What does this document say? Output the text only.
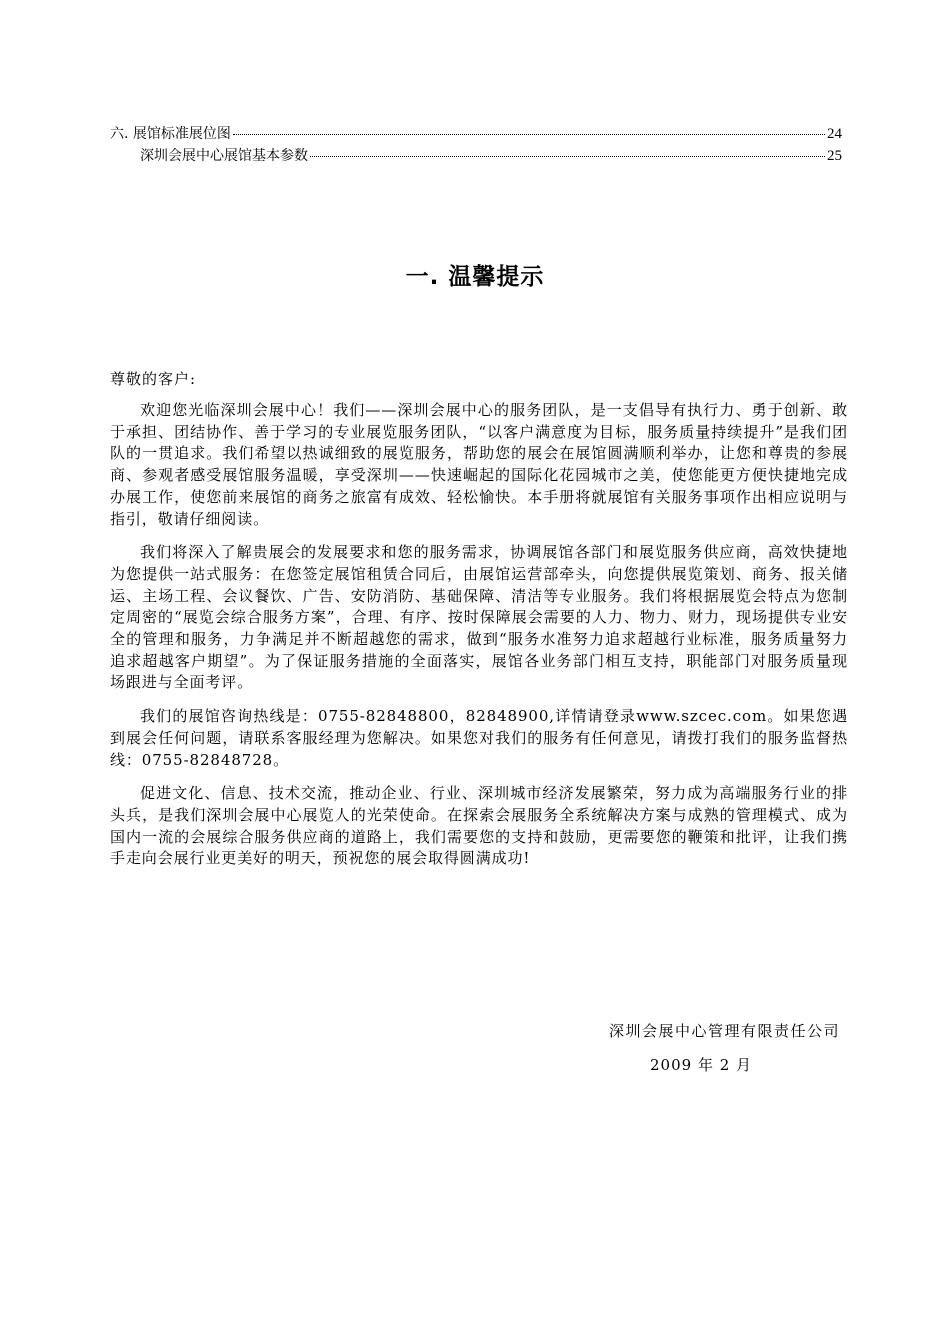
六. 展馆标准展位图	24
深圳会展中心展馆基本参数	25
一. 温馨提示
尊敬的客户:

欢迎您光临深圳会展中心！我们——深圳会展中心的服务团队，是一支倡导有执行力、勇于创新、敢于承担、团结协作、善于学习的专业展览服务团队，“以客户满意度为目标，服务质量持续提升”是我们团队的一贯追求。我们希望以热诚细致的展览服务，帮助您的展会在展馆圆满顺利举办，让您和尊贵的参展商、参观者感受展馆服务温暖，享受深圳——快速崛起的国际化花园城市之美，使您能更方便快捷地完成办展工作，使您前来展馆的商务之旅富有成效、轻松愉快。本手册将就展馆有关服务事项作出相应说明与指引，敬请仔细阅读。

我们将深入了解贵展会的发展要求和您的服务需求，协调展馆各部门和展览服务供应商，高效快捷地为您提供一站式服务：在您签定展馆租赁合同后，由展馆运营部牵头，向您提供展览策划、商务、报关储运、主场工程、会议餐饮、广告、安防消防、基础保障、清洁等专业服务。我们将根据展览会特点为您制定周密的“展览会综合服务方案”，合理、有序、按时保障展会需要的人力、物力、财力，现场提供专业安全的管理和服务，力争满足并不断超越您的需求，做到“服务水准努力追求超越行业标准，服务质量努力追求超越客户期望”。为了保证服务措施的全面落实，展馆各业务部门相互支持，职能部门对服务质量现场跟进与全面考评。

我们的展馆咨询热线是：0755-82848800，82848900,详情请登录www.szcec.com。如果您遇到展会任何问题，请联系客服经理为您解决。如果您对我们的服务有任何意见，请拨打我们的服务监督热线：0755-82848728。

促进文化、信息、技术交流，推动企业、行业、深圳城市经济发展繁荣，努力成为高端服务行业的排头兵，是我们深圳会展中心展览人的光荣使命。在探索会展服务全系统解决方案与成熟的管理模式、成为国内一流的会展综合服务供应商的道路上，我们需要您的支持和鼓励，更需要您的鞭策和批评，让我们携手走向会展行业更美好的明天，预祝您的展会取得圆满成功!

深圳会展中心管理有限责任公司
2009 年 2 月
